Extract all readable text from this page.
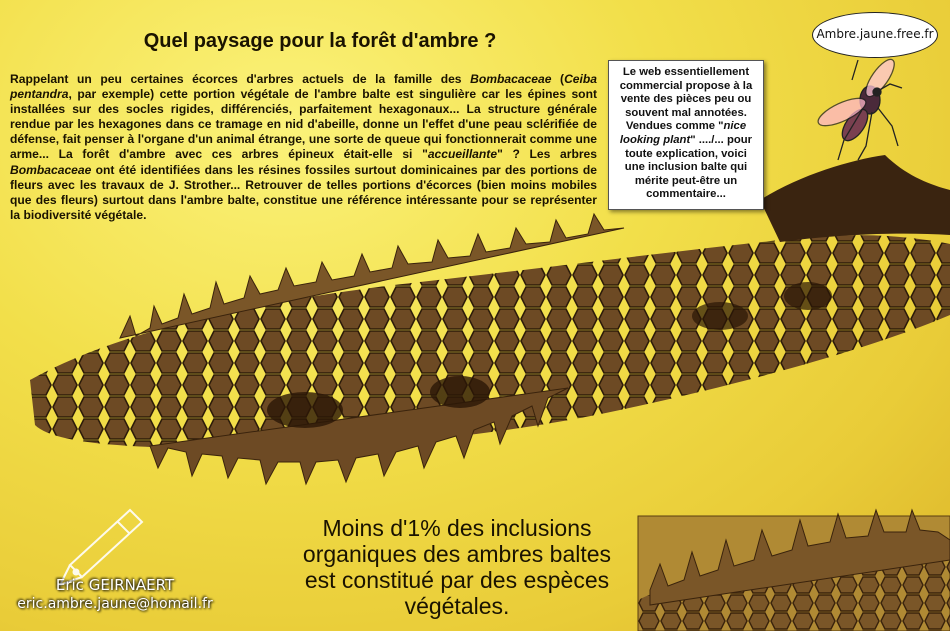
Quel paysage pour la forêt d'ambre ?

Rappelant un peu certaines écorces d'arbres actuels de la famille des Bombacaceae (Ceiba pentandra, par exemple) cette portion végétale de l'ambre balte est singulière car les épines sont installées sur des socles rigides, différenciés, parfaitement hexagonaux... La structure générale rendue par les hexagones dans ce tramage en nid d'abeille, donne un l'effet d'une peau sclérifiée de défense, fait penser à l'organe d'un animal étrange, une sorte de queue qui fonctionnerait comme une arme... La forêt d'ambre avec ces arbres épineux était-elle si "accueillante" ? Les arbres Bombacaceae ont été identifiées dans les résines fossiles surtout dominicaines par des portions de fleurs avec les travaux de J. Strother... Retrouver de telles portions d'écorces (bien moins mobiles que des fleurs) surtout dans l'ambre balte, constitue une référence intéressante pour se représenter la biodiversité végétale.

Le web essentiellement commercial propose à la vente des pièces peu ou souvent mal annotées. Vendues comme "nice looking plant" ..../... pour toute explication, voici une inclusion balte qui mérite peut-être un commentaire...
Ambre.jaune.free.fr
Moins d'1% des inclusions organiques des ambres baltes est constitué par des espèces végétales.
Eric GEIRNAERT
eric.ambre.jaune@homail.fr
